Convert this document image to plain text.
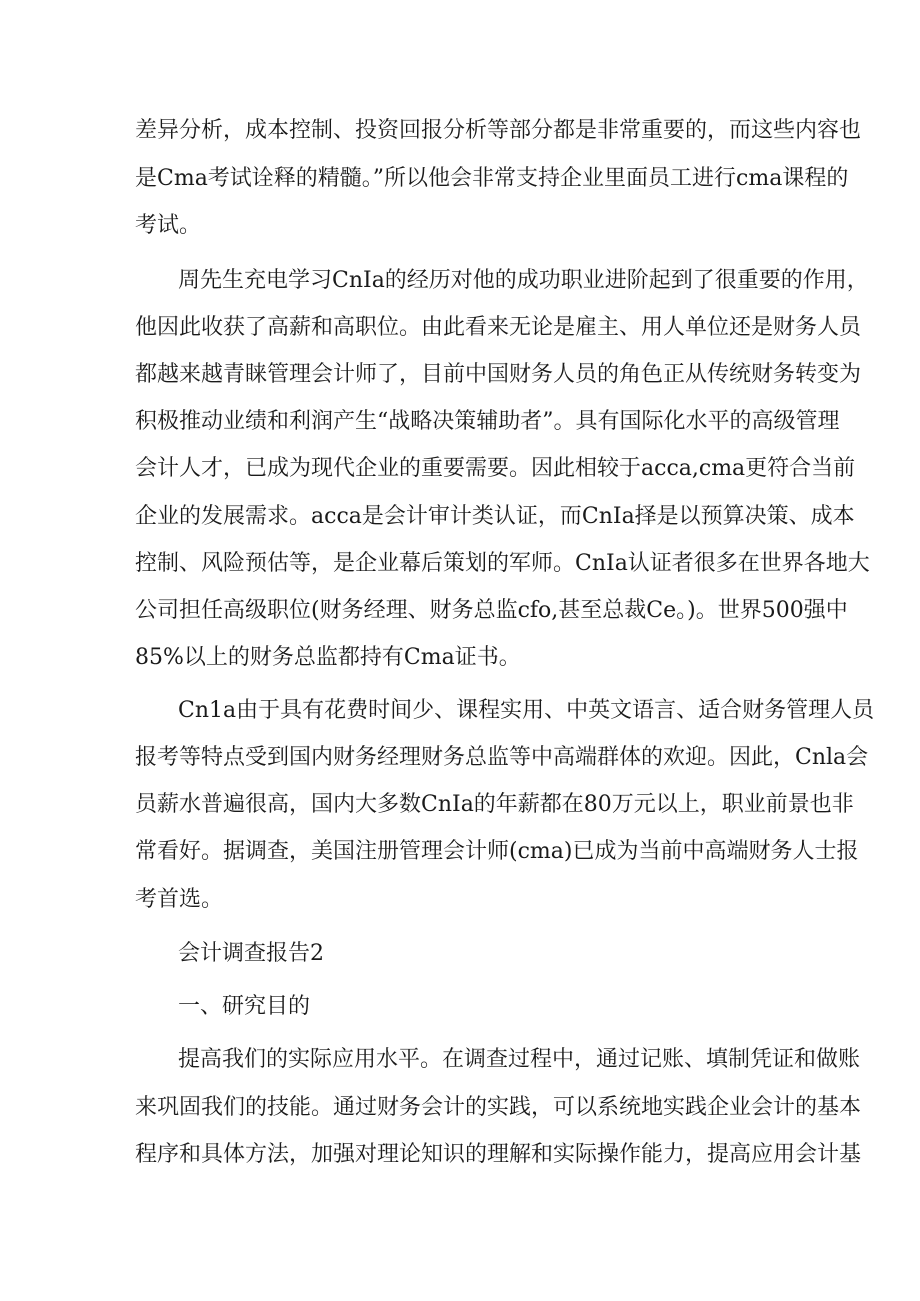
差异分析，成本控制、投资回报分析等部分都是非常重要的，而这些内容也
是Cma考试诠释的精髓。”所以他会非常支持企业里面员工进行cma课程的
考试。
周先生充电学习CnIa的经历对他的成功职业进阶起到了很重要的作用，
他因此收获了高薪和高职位。由此看来无论是雇主、用人单位还是财务人员
都越来越青睐管理会计师了，目前中国财务人员的角色正从传统财务转变为
积极推动业绩和利润产生“战略决策辅助者”。具有国际化水平的高级管理
会计人才，已成为现代企业的重要需要。因此相较于acca,cma更符合当前
企业的发展需求。acca是会计审计类认证，而CnIa择是以预算决策、成本
控制、风险预估等，是企业幕后策划的军师。CnIa认证者很多在世界各地大
公司担任高级职位(财务经理、财务总监cfo,甚至总裁Ce。)。世界500强中
85%以上的财务总监都持有Cma证书。
Cn1a由于具有花费时间少、课程实用、中英文语言、适合财务管理人员
报考等特点受到国内财务经理财务总监等中高端群体的欢迎。因此，Cnla会
员薪水普遍很高，国内大多数CnIa的年薪都在80万元以上，职业前景也非
常看好。据调查，美国注册管理会计师(cma)已成为当前中高端财务人士报
考首选。
会计调查报告2
一、研究目的
提高我们的实际应用水平。在调查过程中，通过记账、填制凭证和做账
来巩固我们的技能。通过财务会计的实践，可以系统地实践企业会计的基本
程序和具体方法，加强对理论知识的理解和实际操作能力，提高应用会计基
